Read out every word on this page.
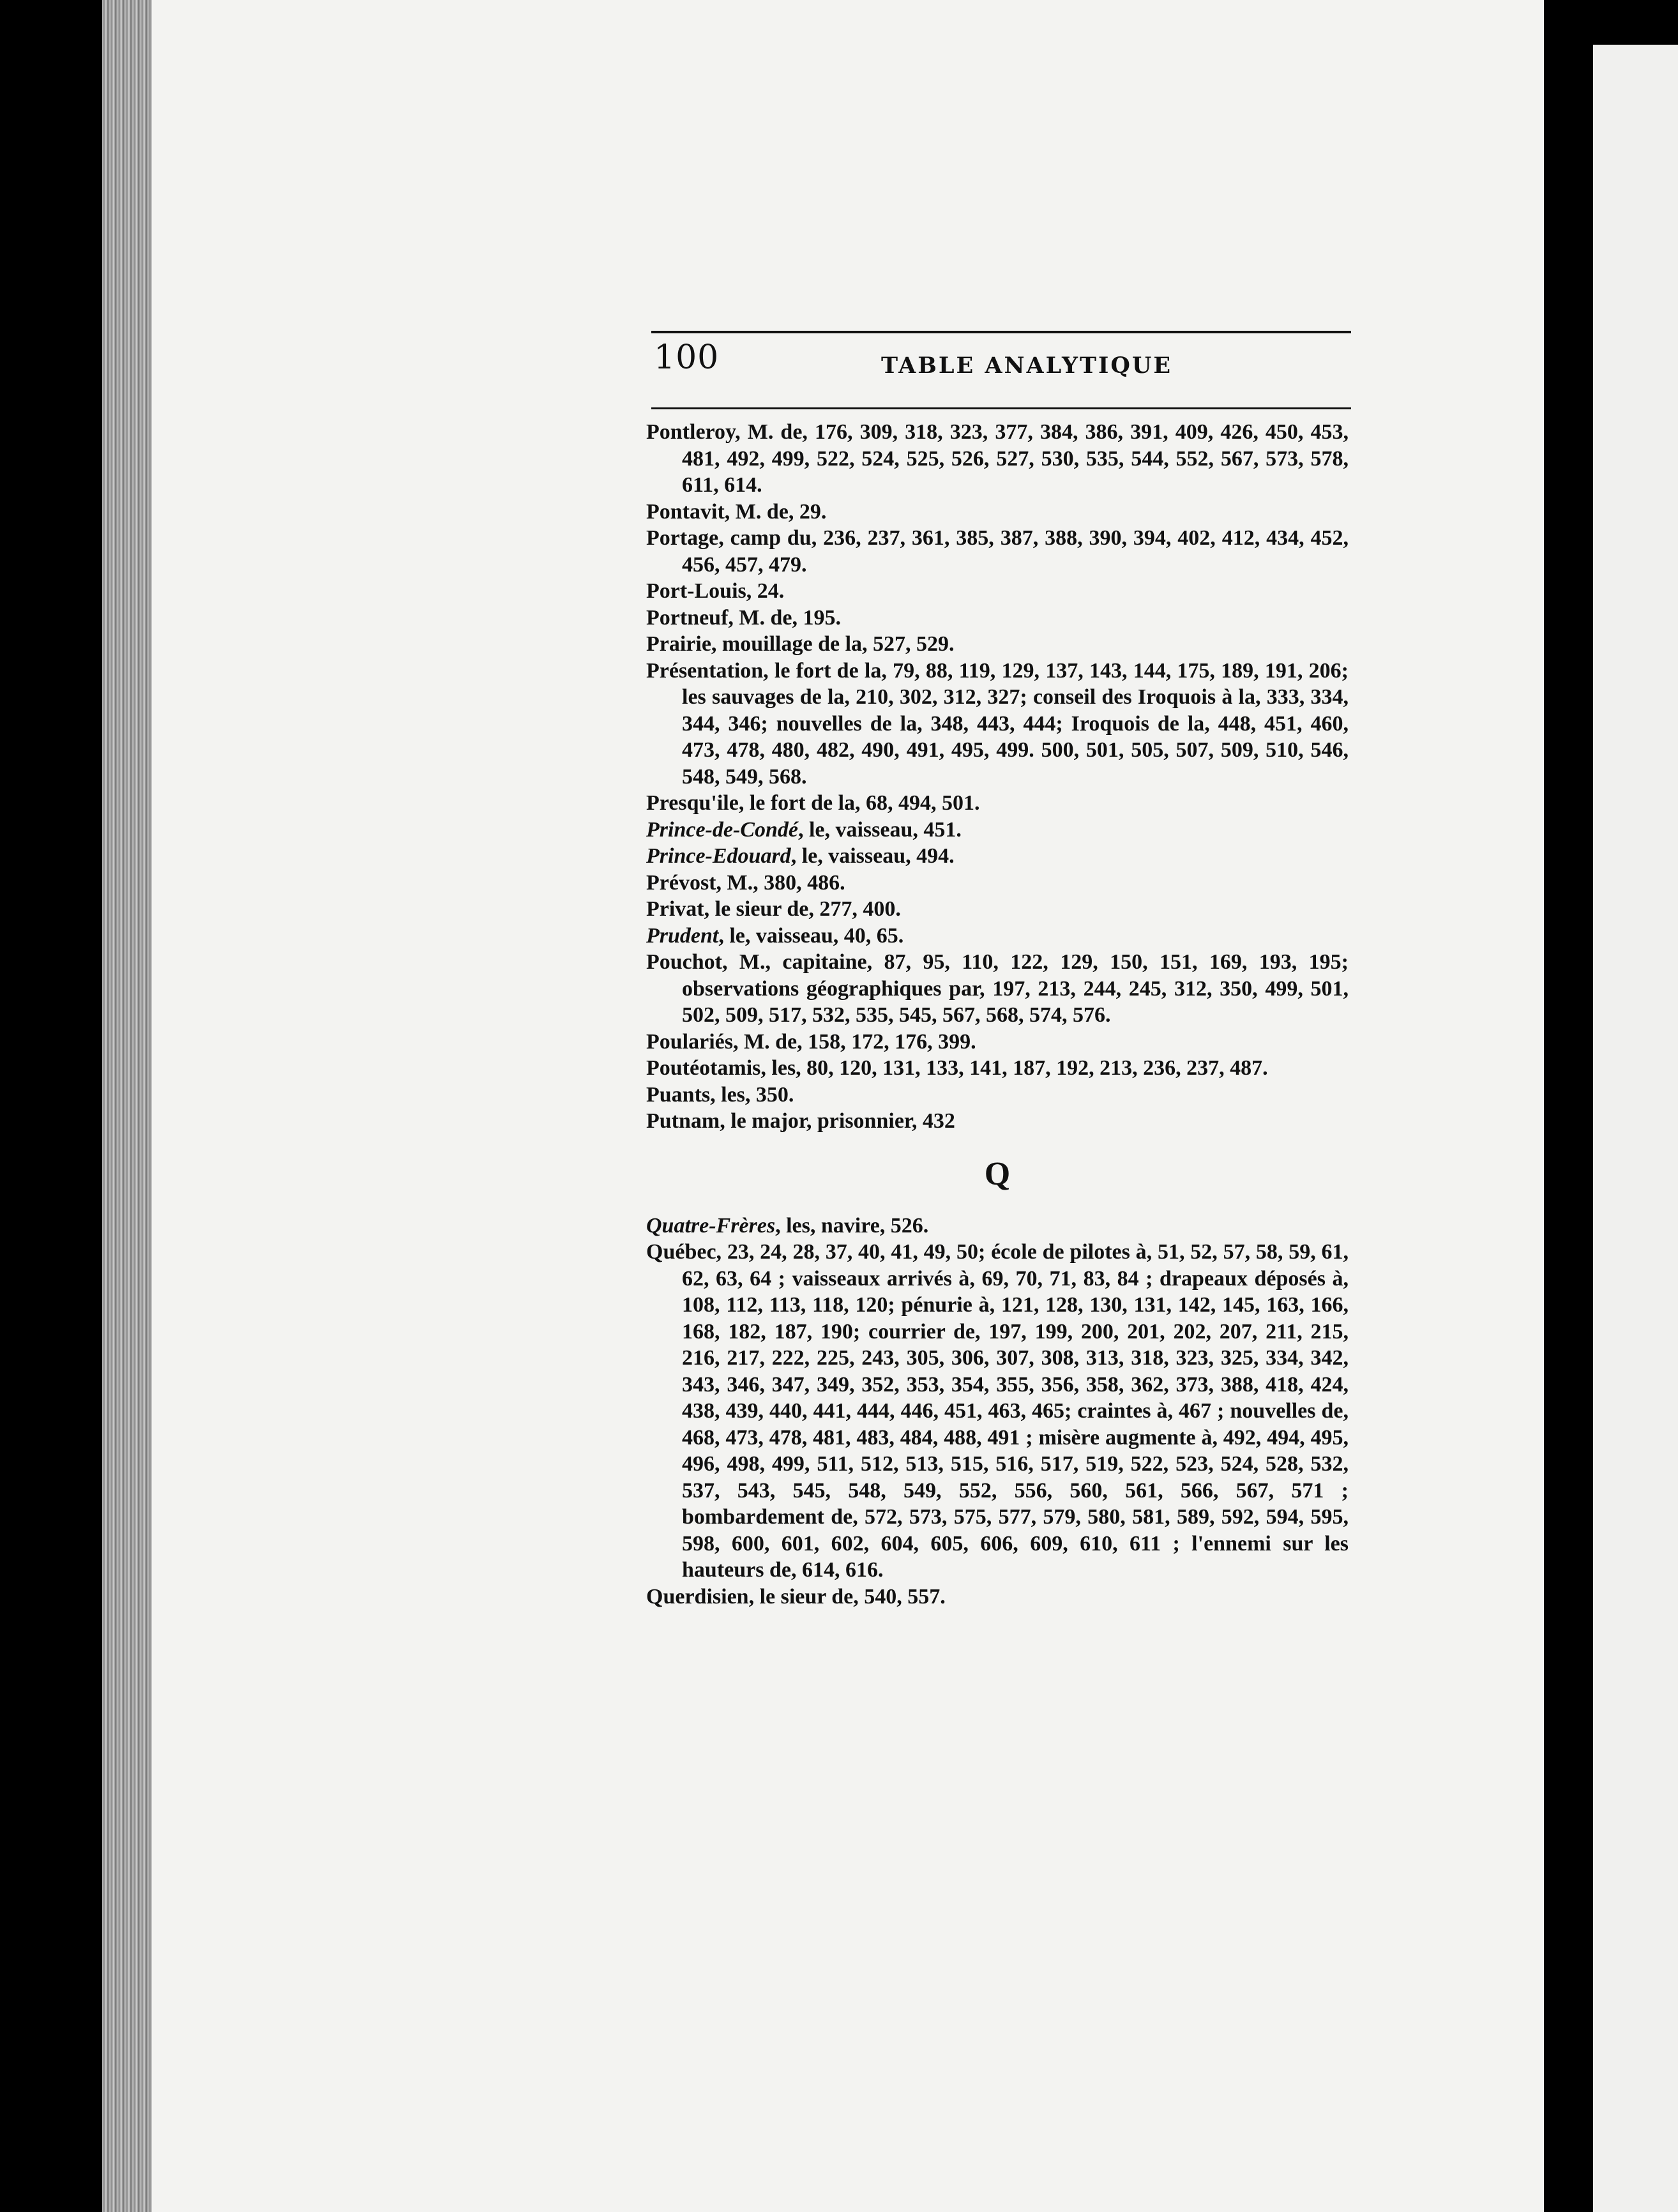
100	TABLE ANALYTIQUE

Pontleroy, M. de, 176, 309, 318, 323, 377, 384, 386, 391, 409, 426, 450, 453, 481, 492, 499, 522, 524, 525, 526, 527, 530, 535, 544, 552, 567, 573, 578, 611, 614.

Pontavit, M. de, 29.

Portage, camp du, 236, 237, 361, 385, 387, 388, 390, 394, 402, 412, 434, 452, 456, 457, 479.

Port-Louis, 24.

Portneuf, M. de, 195.

Prairie, mouillage de la, 527, 529.

Présentation, le fort de la, 79, 88, 119, 129, 137, 143, 144, 175, 189, 191, 206; les sauvages de la, 210, 302, 312, 327; conseil des Iroquois à la, 333, 334, 344, 346; nouvelles de la, 348, 443, 444; Iroquois de la, 448, 451, 460, 473, 478, 480, 482, 490, 491, 495, 499. 500, 501, 505, 507, 509, 510, 546, 548, 549, 568.

Presqu'ile, le fort de la, 68, 494, 501.

Prince-de-Condé, le, vaisseau, 451.

Prince-Edouard, le, vaisseau, 494.

Prévost, M., 380, 486.

Privat, le sieur de, 277, 400.

Prudent, le, vaisseau, 40, 65.

Pouchot, M., capitaine, 87, 95, 110, 122, 129, 150, 151, 169, 193, 195; observations géographiques par, 197, 213, 244, 245, 312, 350, 499, 501, 502, 509, 517, 532, 535, 545, 567, 568, 574, 576.

Poulariés, M. de, 158, 172, 176, 399.

Poutéotamis, les, 80, 120, 131, 133, 141, 187, 192, 213, 236, 237, 487.

Puants, les, 350.

Putnam, le major, prisonnier, 432

Q

Quatre-Frères, les, navire, 526.

Québec, 23, 24, 28, 37, 40, 41, 49, 50; école de pilotes à, 51, 52, 57, 58, 59, 61, 62, 63, 64 ; vaisseaux arrivés à, 69, 70, 71, 83, 84 ; drapeaux déposés à, 108, 112, 113, 118, 120; pénurie à, 121, 128, 130, 131, 142, 145, 163, 166, 168, 182, 187, 190; courrier de, 197, 199, 200, 201, 202, 207, 211, 215, 216, 217, 222, 225, 243, 305, 306, 307, 308, 313, 318, 323, 325, 334, 342, 343, 346, 347, 349, 352, 353, 354, 355, 356, 358, 362, 373, 388, 418, 424, 438, 439, 440, 441, 444, 446, 451, 463, 465; craintes à, 467 ; nouvelles de, 468, 473, 478, 481, 483, 484, 488, 491 ; misère augmente à, 492, 494, 495, 496, 498, 499, 511, 512, 513, 515, 516, 517, 519, 522, 523, 524, 528, 532, 537, 543, 545, 548, 549, 552, 556, 560, 561, 566, 567, 571 ; bombardement de, 572, 573, 575, 577, 579, 580, 581, 589, 592, 594, 595, 598, 600, 601, 602, 604, 605, 606, 609, 610, 611 ; l'ennemi sur les hauteurs de, 614, 616.

Querdisien, le sieur de, 540, 557.
